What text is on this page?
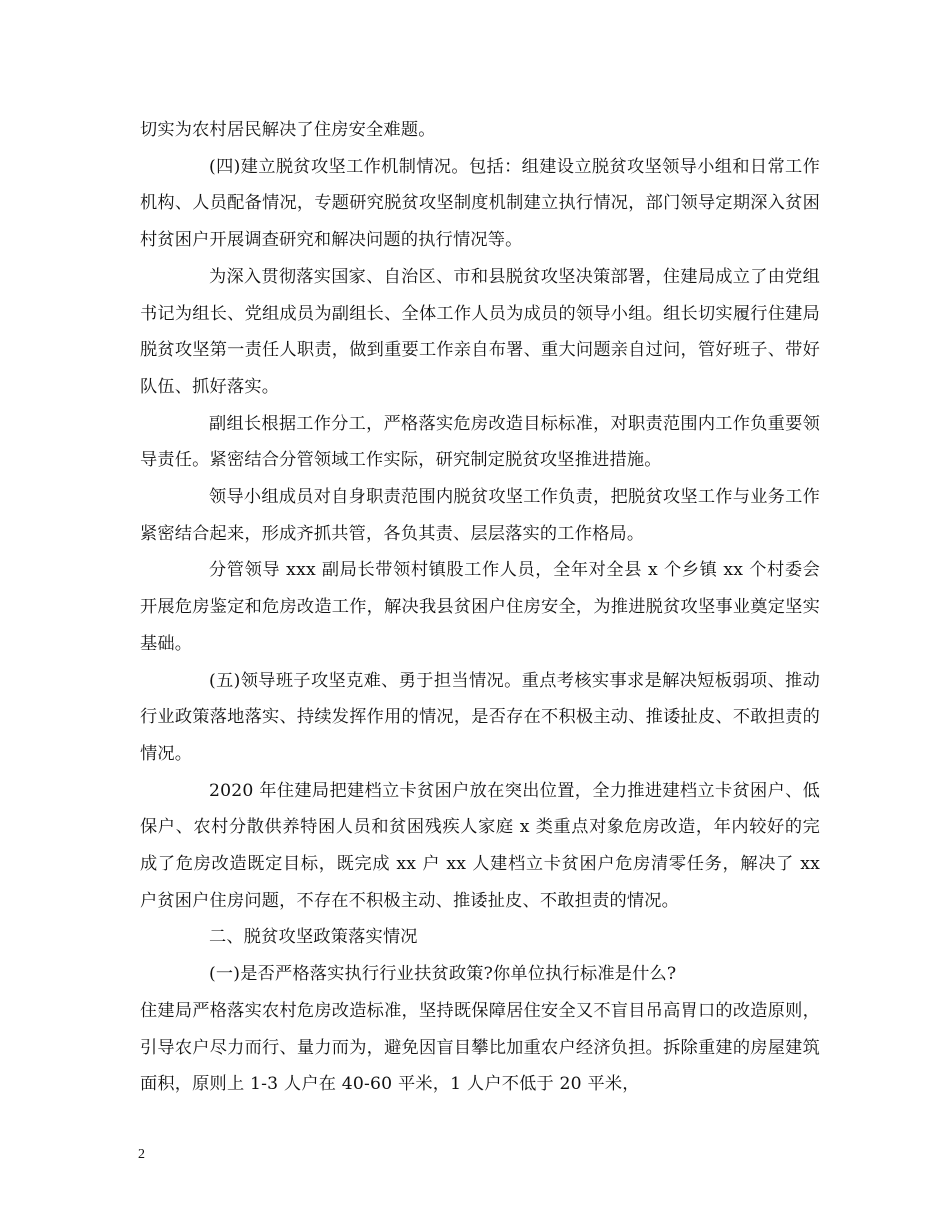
切实为农村居民解决了住房安全难题。

(四)建立脱贫攻坚工作机制情况。包括：组建设立脱贫攻坚领导小组和日常工作机构、人员配备情况，专题研究脱贫攻坚制度机制建立执行情况，部门领导定期深入贫困村贫困户开展调查研究和解决问题的执行情况等。

为深入贯彻落实国家、自治区、市和县脱贫攻坚决策部署，住建局成立了由党组书记为组长、党组成员为副组长、全体工作人员为成员的领导小组。组长切实履行住建局脱贫攻坚第一责任人职责，做到重要工作亲自布署、重大问题亲自过问，管好班子、带好队伍、抓好落实。

副组长根据工作分工，严格落实危房改造目标标准，对职责范围内工作负重要领导责任。紧密结合分管领域工作实际，研究制定脱贫攻坚推进措施。

领导小组成员对自身职责范围内脱贫攻坚工作负责，把脱贫攻坚工作与业务工作紧密结合起来，形成齐抓共管，各负其责、层层落实的工作格局。

分管领导 xxx 副局长带领村镇股工作人员，全年对全县 x 个乡镇 xx 个村委会开展危房鉴定和危房改造工作，解决我县贫困户住房安全，为推进脱贫攻坚事业奠定坚实基础。

(五)领导班子攻坚克难、勇于担当情况。重点考核实事求是解决短板弱项、推动行业政策落地落实、持续发挥作用的情况，是否存在不积极主动、推诿扯皮、不敢担责的情况。

2020 年住建局把建档立卡贫困户放在突出位置，全力推进建档立卡贫困户、低保户、农村分散供养特困人员和贫困残疾人家庭 x 类重点对象危房改造，年内较好的完成了危房改造既定目标，既完成 xx 户 xx 人建档立卡贫困户危房清零任务，解决了 xx 户贫困户住房问题，不存在不积极主动、推诿扯皮、不敢担责的情况。

二、脱贫攻坚政策落实情况

(一)是否严格落实执行行业扶贫政策?你单位执行标准是什么?

住建局严格落实农村危房改造标准，坚持既保障居住安全又不盲目吊高胃口的改造原则，引导农户尽力而行、量力而为，避免因盲目攀比加重农户经济负担。拆除重建的房屋建筑面积，原则上 1-3 人户在 40-60 平米，1 人户不低于 20 平米，

2
